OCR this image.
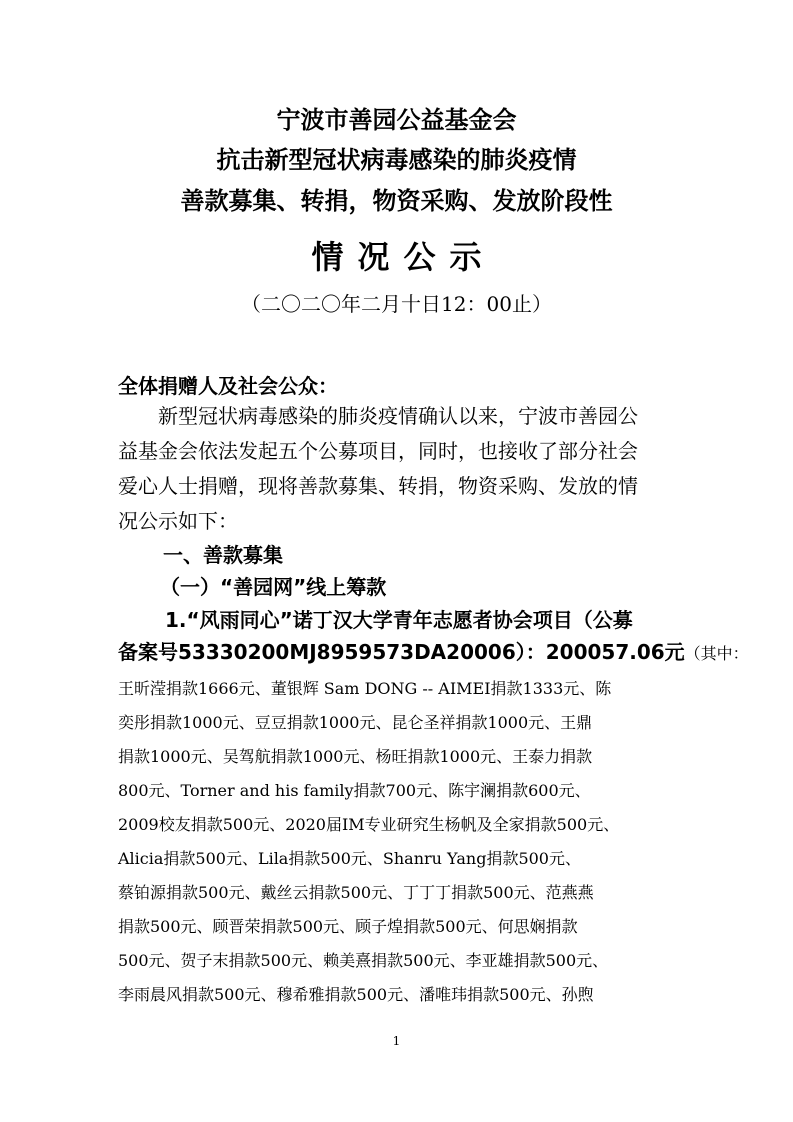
宁波市善园公益基金会
抗击新型冠状病毒感染的肺炎疫情
善款募集、转捐，物资采购、发放阶段性
情况公示
（二〇二〇年二月十日12：00止）
全体捐赠人及社会公众：
新型冠状病毒感染的肺炎疫情确认以来，宁波市善园公
益基金会依法发起五个公募项目，同时，也接收了部分社会
爱心人士捐赠，现将善款募集、转捐，物资采购、发放的情
况公示如下：
一、善款募集
（一）“善园网”线上筹款
1.“风雨同心”诺丁汉大学青年志愿者协会项目（公募
备案号53330200MJ8959573DA20006）：200057.06元（其中：
王昕滢捐款1666元、董银辉 Sam DONG -- AIMEI捐款1333元、陈
奕彤捐款1000元、豆豆捐款1000元、昆仑圣祥捐款1000元、王鼎
捐款1000元、吴驾航捐款1000元、杨旺捐款1000元、王泰力捐款
800元、Torner and his family捐款700元、陈宇澜捐款600元、
2009校友捐款500元、2020届IM专业研究生杨帆及全家捐款500元、
Alicia捐款500元、Lila捐款500元、Shanru Yang捐款500元、
蔡铂源捐款500元、戴丝云捐款500元、丁丁丁捐款500元、范燕燕
捐款500元、顾晋荣捐款500元、顾子煌捐款500元、何思娴捐款
500元、贺子末捐款500元、赖美熹捐款500元、李亚雄捐款500元、
李雨晨风捐款500元、穆希雅捐款500元、潘唯玮捐款500元、孙煦
1
